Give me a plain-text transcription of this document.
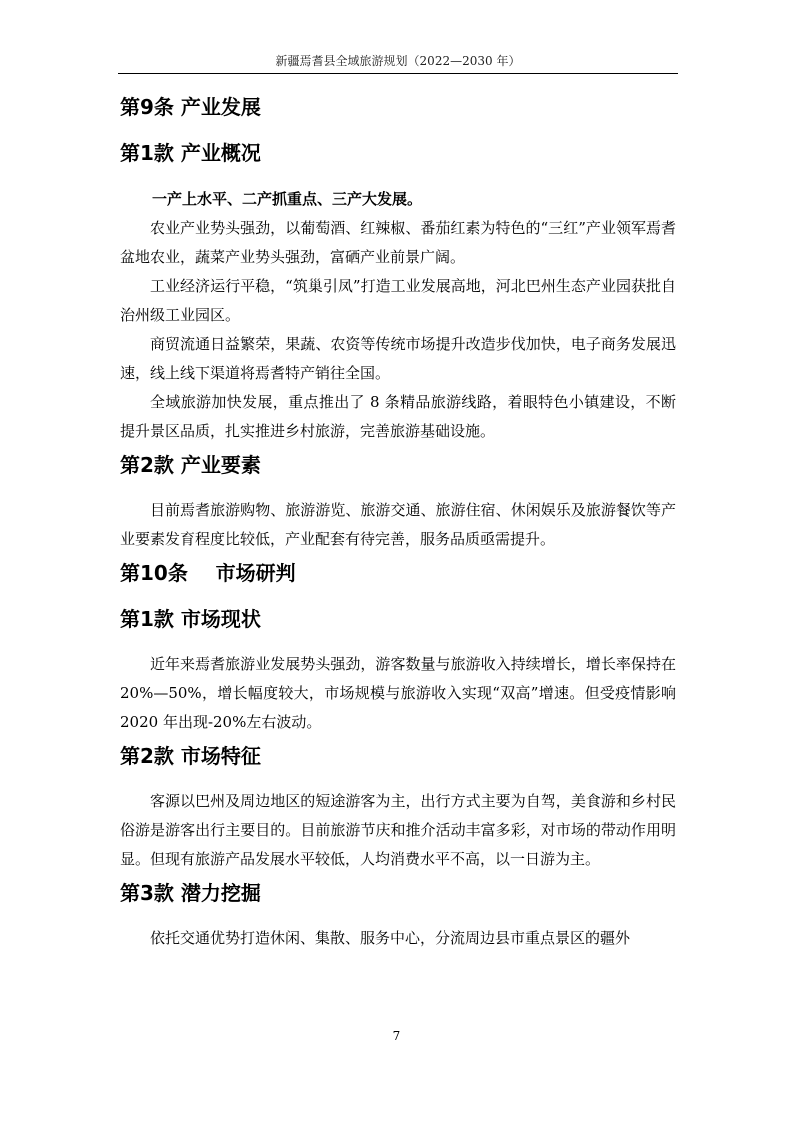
新疆焉耆县全域旅游规划（2022—2030 年）
第9条 产业发展
第1款 产业概况
一产上水平、二产抓重点、三产大发展。

农业产业势头强劲，以葡萄酒、红辣椒、番茄红素为特色的“三红”产业领军焉耆盆地农业，蔬菜产业势头强劲，富硒产业前景广阔。

工业经济运行平稳，“筑巢引凤”打造工业发展高地，河北巴州生态产业园获批自治州级工业园区。

商贸流通日益繁荣，果蔬、农资等传统市场提升改造步伐加快，电子商务发展迅速，线上线下渠道将焉耆特产销往全国。

全域旅游加快发展，重点推出了 8 条精品旅游线路，着眼特色小镇建设，不断提升景区品质，扎实推进乡村旅游，完善旅游基础设施。

第2款 产业要素

目前焉耆旅游购物、旅游游览、旅游交通、旅游住宿、休闲娱乐及旅游餐饮等产业要素发育程度比较低，产业配套有待完善，服务品质亟需提升。

第10条    市场研判
第1款 市场现状

近年来焉耆旅游业发展势头强劲，游客数量与旅游收入持续增长，增长率保持在 20%—50%，增长幅度较大，市场规模与旅游收入实现“双高”增速。但受疫情影响 2020 年出现-20%左右波动。

第2款 市场特征

客源以巴州及周边地区的短途游客为主，出行方式主要为自驾，美食游和乡村民俗游是游客出行主要目的。目前旅游节庆和推介活动丰富多彩，对市场的带动作用明显。但现有旅游产品发展水平较低，人均消费水平不高，以一日游为主。

第3款 潜力挖掘

依托交通优势打造休闲、集散、服务中心，分流周边县市重点景区的疆外

7
